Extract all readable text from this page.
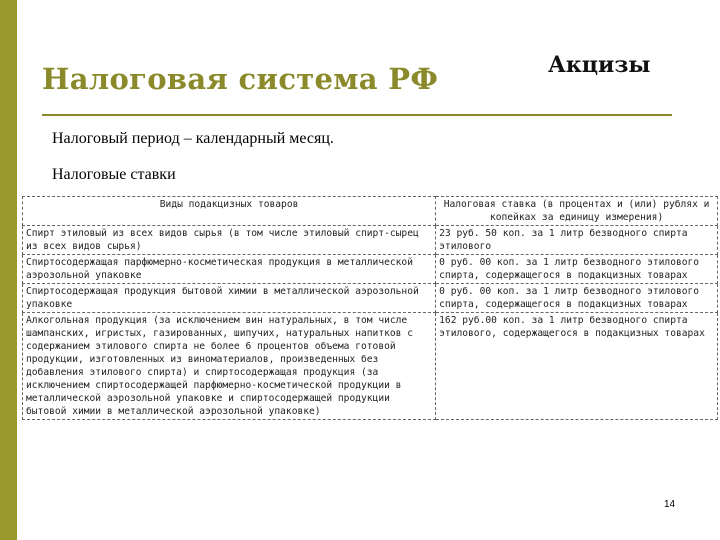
Налоговая система РФ	Акцизы
Налоговый период – календарный месяц.
Налоговые ставки
Виды подакцизных товаров	Налоговая ставка (в процентах и (или) рублях и копейках за единицу измерения)
Спирт этиловый из всех видов сырья (в том числе этиловый спирт-сырец из всех видов сырья)	23 руб. 50 коп. за 1 литр безводного спирта этилового
Спиртосодержащая парфюмерно-косметическая продукция в металлической аэрозольной упаковке	0 руб. 00 коп. за 1 литр безводного этилового спирта, содержащегося в подакцизных товарах
Спиртосодержащая продукция бытовой химии в металлической аэрозольной упаковке	0 руб. 00 коп. за 1 литр безводного этилового спирта, содержащегося в подакцизных товарах
Алкогольная продукция (за исключением вин натуральных, в том числе шампанских, игристых, газированных, шипучих, натуральных напитков с содержанием этилового спирта не более 6 процентов объема готовой продукции, изготовленных из виноматериалов, произведенных без добавления этилового спирта) и спиртосодержащая продукция (за исключением спиртосодержащей парфюмерно-косметической продукции в металлической аэрозольной упаковке и спиртосодержащей продукции бытовой химии в металлической аэрозольной упаковке)	162 руб.00 коп. за 1 литр безводного спирта этилового, содержащегося в подакцизных товарах
14
